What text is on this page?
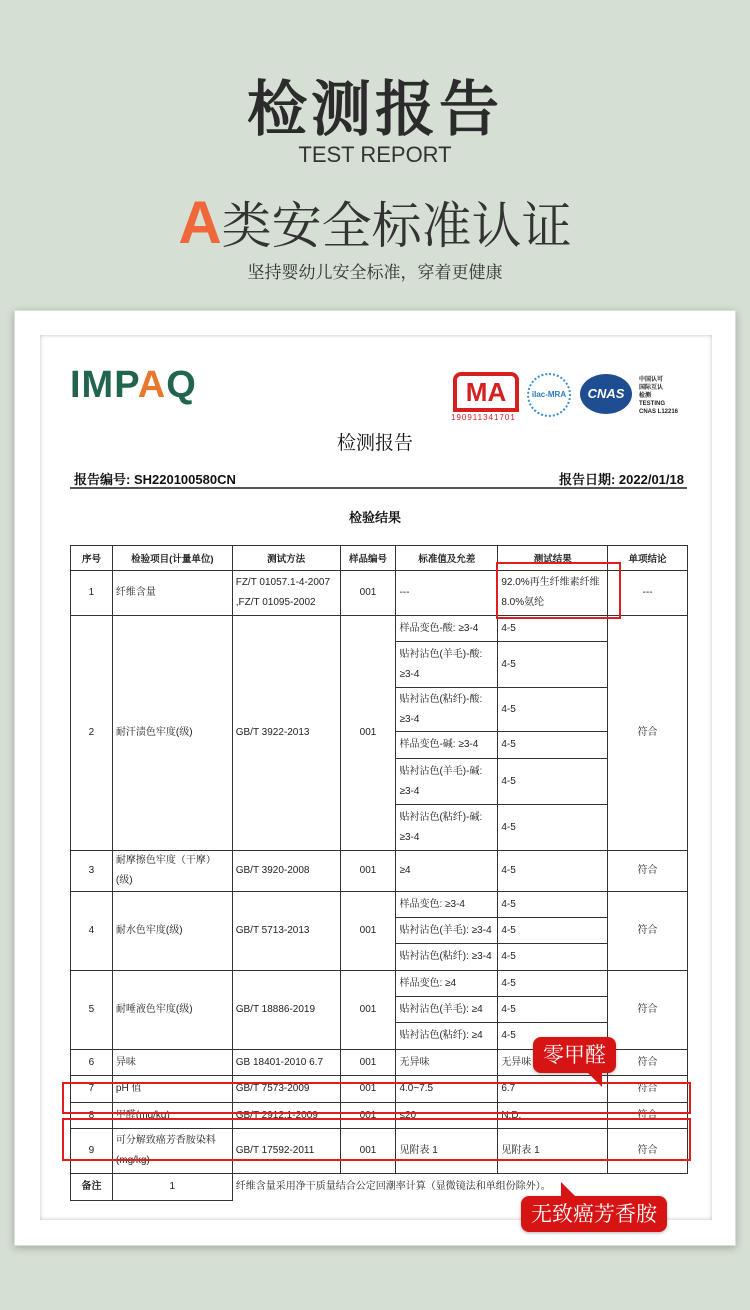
检测报告
TEST REPORT
A类安全标准认证
坚持婴幼儿安全标准，穿着更健康
IMPAQ	MA
190911341701
ilac-MRA	CNAS
中国认可
国际互认
检测
TESTING
CNAS L12216
检测报告
报告编号: SH220100580CN	报告日期: 2022/01/18
检验结果
序号	检验项目(计量单位)	测试方法	样品编号	标准值及允差	测试结果	单项结论
1	纤维含量	FZ/T 01057.1-4-2007 ,FZ/T 01095-2002	001	---	92.0%再生纤维素纤维 8.0%氨纶	---
2	耐汗渍色牢度(级)	GB/T 3922-2013	001	样品变色-酸: ≥3-4	4-5	符合
				贴衬沾色(羊毛)-酸: ≥3-4	4-5	
				贴衬沾色(粘纤)-酸: ≥3-4	4-5	
				样品变色-碱: ≥3-4	4-5	
				贴衬沾色(羊毛)-碱: ≥3-4	4-5	
				贴衬沾色(粘纤)-碱: ≥3-4	4-5	
3	耐摩擦色牢度（干摩）(级)	GB/T 3920-2008	001	≥4	4-5	符合
4	耐水色牢度(级)	GB/T 5713-2013	001	样品变色: ≥3-4	4-5	符合
				贴衬沾色(羊毛): ≥3-4	4-5	
				贴衬沾色(粘纤): ≥3-4	4-5	
5	耐唾液色牢度(级)	GB/T 18886-2019	001	样品变色: ≥4	4-5	符合
				贴衬沾色(羊毛): ≥4	4-5	
				贴衬沾色(粘纤): ≥4	4-5	
6	异味	GB 18401-2010 6.7	001	无异味	无异味	符合
7	pH 值	GB/T 7573-2009	001	4.0~7.5	6.7	符合
8	甲醛(mg/kg)	GB/T 2912.1-2009	001	≤20	N.D.	符合
9	可分解致癌芳香胺染料(mg/kg)	GB/T 17592-2011	001	见附表 1	见附表 1	符合
备注	1	纤维含量采用净干质量结合公定回潮率计算（显微镜法和单组份除外）。				
零甲醛
无致癌芳香胺
